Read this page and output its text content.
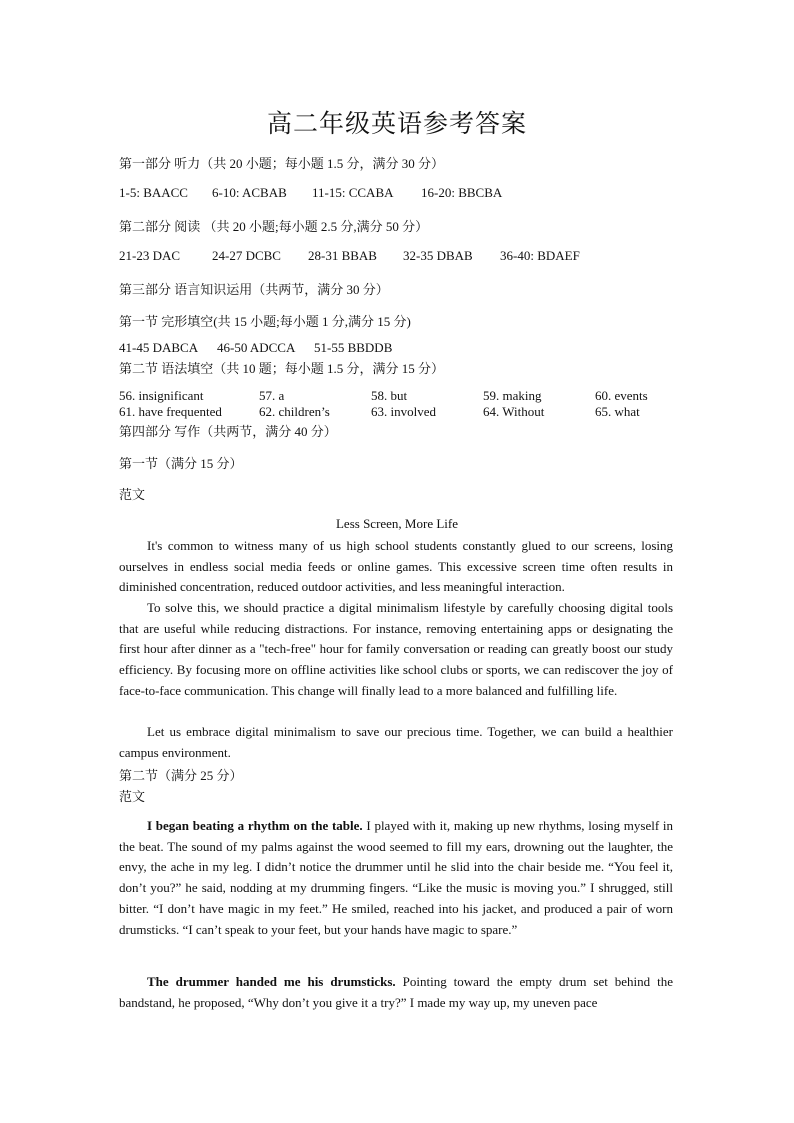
高二年级英语参考答案
第一部分 听力（共 20 小题；每小题 1.5 分，满分 30 分）
1-5: BAACC 6-10: ACBAB 11-15: CCABA 16-20: BBCBA
第二部分 阅读 （共 20 小题;每小题 2.5 分,满分 50 分）
21-23 DAC 24-27 DCBC 28-31 BBAB 32-35 DBAB 36-40: BDAEF
第三部分 语言知识运用（共两节，满分 30 分）
第一节 完形填空(共 15 小题;每小题 1 分,满分 15 分)
41-45 DABCA 46-50 ADCCA 51-55 BBDDB
第二节 语法填空（共 10 题；每小题 1.5 分，满分 15 分）
56. insignificant	57. a	58. but	59. making	60. events
61. have frequented	62. children’s	63. involved	64. Without	65. what
第四部分 写作（共两节，满分 40 分）
第一节（满分 15 分）
范文
Less Screen, More Life

It's common to witness many of us high school students constantly glued to our screens, losing ourselves in endless social media feeds or online games. This excessive screen time often results in diminished concentration, reduced outdoor activities, and less meaningful interaction.

To solve this, we should practice a digital minimalism lifestyle by carefully choosing digital tools that are useful while reducing distractions. For instance, removing entertaining apps or designating the first hour after dinner as a "tech-free" hour for family conversation or reading can greatly boost our study efficiency. By focusing more on offline activities like school clubs or sports, we can rediscover the joy of face-to-face communication. This change will finally lead to a more balanced and fulfilling life.

Let us embrace digital minimalism to save our precious time. Together, we can build a healthier campus environment.

第二节（满分 25 分）
范文

I began beating a rhythm on the table. I played with it, making up new rhythms, losing myself in the beat. The sound of my palms against the wood seemed to fill my ears, drowning out the laughter, the envy, the ache in my leg. I didn’t notice the drummer until he slid into the chair beside me. “You feel it, don’t you?” he said, nodding at my drumming fingers. “Like the music is moving you.” I shrugged, still bitter. “I don’t have magic in my feet.” He smiled, reached into his jacket, and produced a pair of worn drumsticks. “I can’t speak to your feet, but your hands have magic to spare.”

The drummer handed me his drumsticks. Pointing toward the empty drum set behind the bandstand, he proposed, “Why don’t you give it a try?” I made my way up, my uneven pace
